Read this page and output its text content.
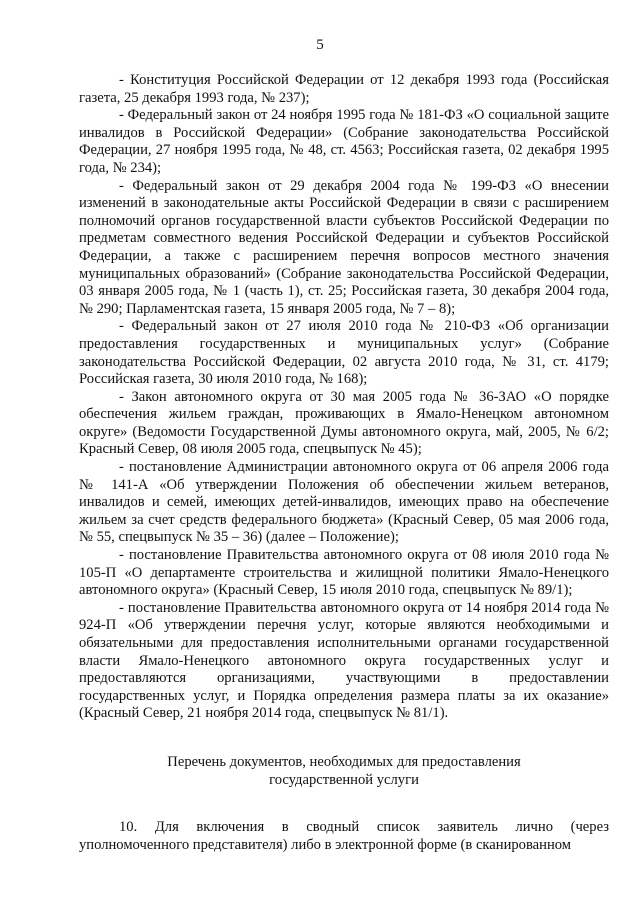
5

- Конституция Российской Федерации от 12 декабря 1993 года (Российская газета, 25 декабря 1993 года, № 237);

- Федеральный закон от 24 ноября 1995 года № 181-ФЗ «О социальной защите инвалидов в Российской Федерации» (Собрание законодательства Российской Федерации, 27 ноября 1995 года, № 48, ст. 4563; Российская газета, 02 декабря 1995 года, № 234);

- Федеральный закон от 29 декабря 2004 года № 199-ФЗ «О внесении изменений в законодательные акты Российской Федерации в связи с расширением полномочий органов государственной власти субъектов Российской Федерации по предметам совместного ведения Российской Федерации и субъектов Российской Федерации, а также с расширением перечня вопросов местного значения муниципальных образований» (Собрание законодательства Российской Федерации, 03 января 2005 года, № 1 (часть 1), ст. 25; Российская газета, 30 декабря 2004 года, № 290; Парламентская газета, 15 января 2005 года, № 7 – 8);

- Федеральный закон от 27 июля 2010 года № 210-ФЗ «Об организации предоставления государственных и муниципальных услуг» (Собрание законодательства Российской Федерации, 02 августа 2010 года, № 31, ст. 4179; Российская газета, 30 июля 2010 года, № 168);

- Закон автономного округа от 30 мая 2005 года № 36-ЗАО «О порядке обеспечения жильем граждан, проживающих в Ямало-Ненецком автономном округе» (Ведомости Государственной Думы автономного округа, май, 2005, № 6/2; Красный Север, 08 июля 2005 года, спецвыпуск № 45);

- постановление Администрации автономного округа от 06 апреля 2006 года № 141-А «Об утверждении Положения об обеспечении жильем ветеранов, инвалидов и семей, имеющих детей-инвалидов, имеющих право на обеспечение жильем за счет средств федерального бюджета» (Красный Север, 05 мая 2006 года, № 55, спецвыпуск № 35 – 36) (далее – Положение);

- постановление Правительства автономного округа от 08 июля 2010 года № 105-П «О департаменте строительства и жилищной политики Ямало-Ненецкого автономного округа» (Красный Север, 15 июля 2010 года, спецвыпуск № 89/1);

- постановление Правительства автономного округа от 14 ноября 2014 года № 924-П «Об утверждении перечня услуг, которые являются необходимыми и обязательными для предоставления исполнительными органами государственной власти Ямало-Ненецкого автономного округа государственных услуг и предоставляются организациями, участвующими в предоставлении государственных услуг, и Порядка определения размера платы за их оказание» (Красный Север, 21 ноября 2014 года, спецвыпуск № 81/1).

Перечень документов, необходимых для предоставления
государственной услуги

10. Для включения в сводный список заявитель лично (через уполномоченного представителя) либо в электронной форме (в сканированном
